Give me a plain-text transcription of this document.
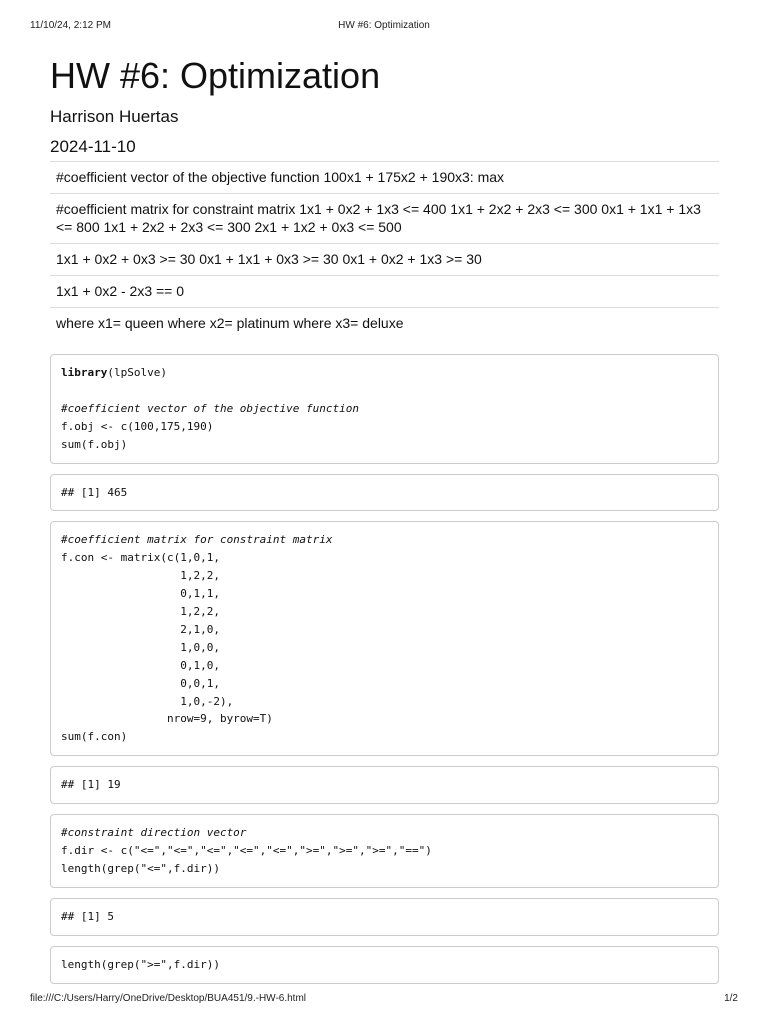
11/10/24, 2:12 PM	HW #6: Optimization
HW #6: Optimization
Harrison Huertas
2024-11-10
#coefficient vector of the objective function 100x1 + 175x2 + 190x3: max
#coefficient matrix for constraint matrix 1x1 + 0x2 + 1x3 <= 400 1x1 + 2x2 + 2x3 <= 300 0x1 + 1x1 + 1x3 <= 800 1x1 + 2x2 + 2x3 <= 300 2x1 + 1x2 + 0x3 <= 500
1x1 + 0x2 + 0x3 >= 30 0x1 + 1x1 + 0x3 >= 30 0x1 + 0x2 + 1x3 >= 30
1x1 + 0x2 - 2x3 == 0
where x1= queen where x2= platinum where x3= deluxe
library(lpSolve)
#coefficient vector of the objective function
f.obj <- c(100,175,190)
sum(f.obj)
## [1] 465
#coefficient matrix for constraint matrix
f.con <- matrix(c(1,0,1,
1,2,2,
0,1,1,
1,2,2,
2,1,0,
1,0,0,
0,1,0,
0,0,1,
1,0,-2),
nrow=9, byrow=T)
sum(f.con)
## [1] 19
#constraint direction vector
f.dir <- c("<=","<=","<=","<=","<=",">=",">=",">=","==")
length(grep("<=",f.dir))
## [1] 5
length(grep(">=",f.dir))
file:///C:/Users/Harry/OneDrive/Desktop/BUA451/9.-HW-6.html	1/2
